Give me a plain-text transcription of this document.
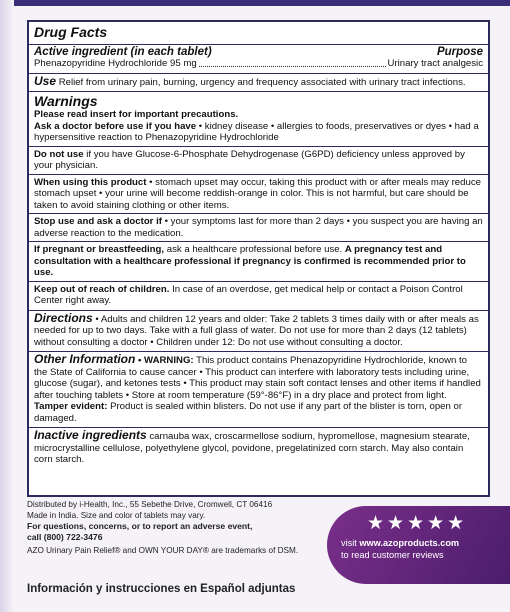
Drug Facts
Active ingredient (in each tablet)	Purpose
Phenazopyridine Hydrochloride 95 mg	Urinary tract analgesic
Use Relief from urinary pain, burning, urgency and frequency associated with urinary tract infections.
Warnings
Please read insert for important precautions.
Ask a doctor before use if you have • kidney disease • allergies to foods, preservatives or dyes • had a hypersensitive reaction to Phenazopyridine Hydrochloride
Do not use if you have Glucose-6-Phosphate Dehydrogenase (G6PD) deficiency unless approved by your physician.
When using this product • stomach upset may occur, taking this product with or after meals may reduce stomach upset • your urine will become reddish-orange in color. This is not harmful, but care should be taken to avoid staining clothing or other items.
Stop use and ask a doctor if • your symptoms last for more than 2 days • you suspect you are having an adverse reaction to the medication.
If pregnant or breastfeeding, ask a healthcare professional before use. A pregnancy test and consultation with a healthcare professional if pregnancy is confirmed is recommended prior to use.
Keep out of reach of children. In case of an overdose, get medical help or contact a Poison Control Center right away.
Directions • Adults and children 12 years and older: Take 2 tablets 3 times daily with or after meals as needed for up to two days. Take with a full glass of water. Do not use for more than 2 days (12 tablets) without consulting a doctor • Children under 12: Do not use without consulting a doctor.
Other Information • WARNING: This product contains Phenazopyridine Hydrochloride, known to the State of California to cause cancer • This product can interfere with laboratory tests including urine, glucose (sugar), and ketones tests • This product may stain soft contact lenses and other items if handled after touching tablets • Store at room temperature (59°-86°F) in a dry place and protect from light. Tamper evident: Product is sealed within blisters. Do not use if any part of the blister is torn, open or damaged.
Inactive ingredients carnauba wax, croscarmellose sodium, hypromellose, magnesium stearate, microcrystalline cellulose, polyethylene glycol, povidone, pregelatinized corn starch. May also contain corn starch.
Distributed by i-Health, Inc., 55 Sebethe Drive, Cromwell, CT 06416
Made in India. Size and color of tablets may vary.
For questions, concerns, or to report an adverse event,
call (800) 722-3476
AZO Urinary Pain Relief® and OWN YOUR DAY® are trademarks of DSM.
Información y instrucciones en Español adjuntas
★★★★★
visit www.azoproducts.com
to read customer reviews
